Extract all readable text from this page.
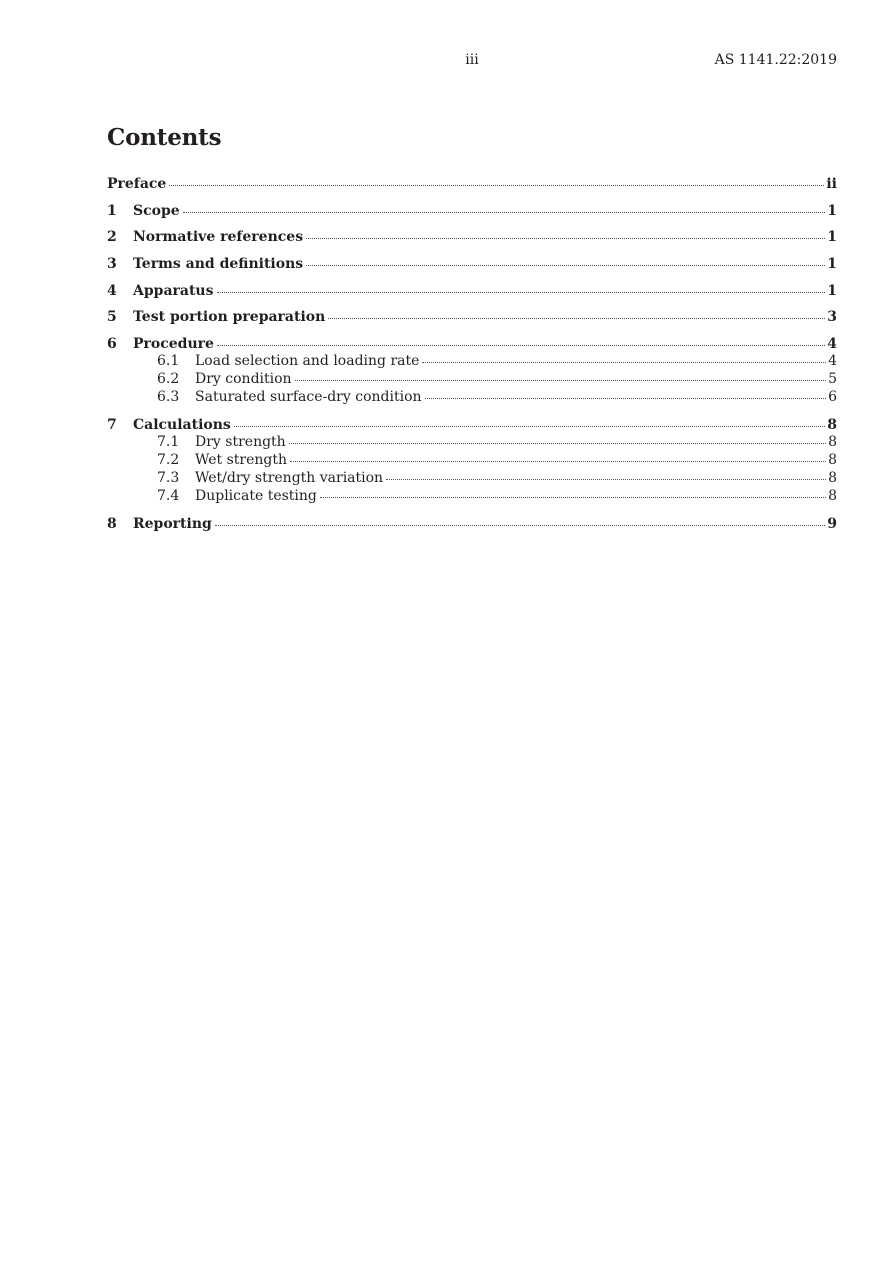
iii	AS 1141.22:2019
Contents
Preface	ii
1	Scope	1
2	Normative references	1
3	Terms and definitions	1
4	Apparatus	1
5	Test portion preparation	3
6	Procedure	4
6.1	Load selection and loading rate	4
6.2	Dry condition	5
6.3	Saturated surface-dry condition	6
7	Calculations	8
7.1	Dry strength	8
7.2	Wet strength	8
7.3	Wet/dry strength variation	8
7.4	Duplicate testing	8
8	Reporting	9
